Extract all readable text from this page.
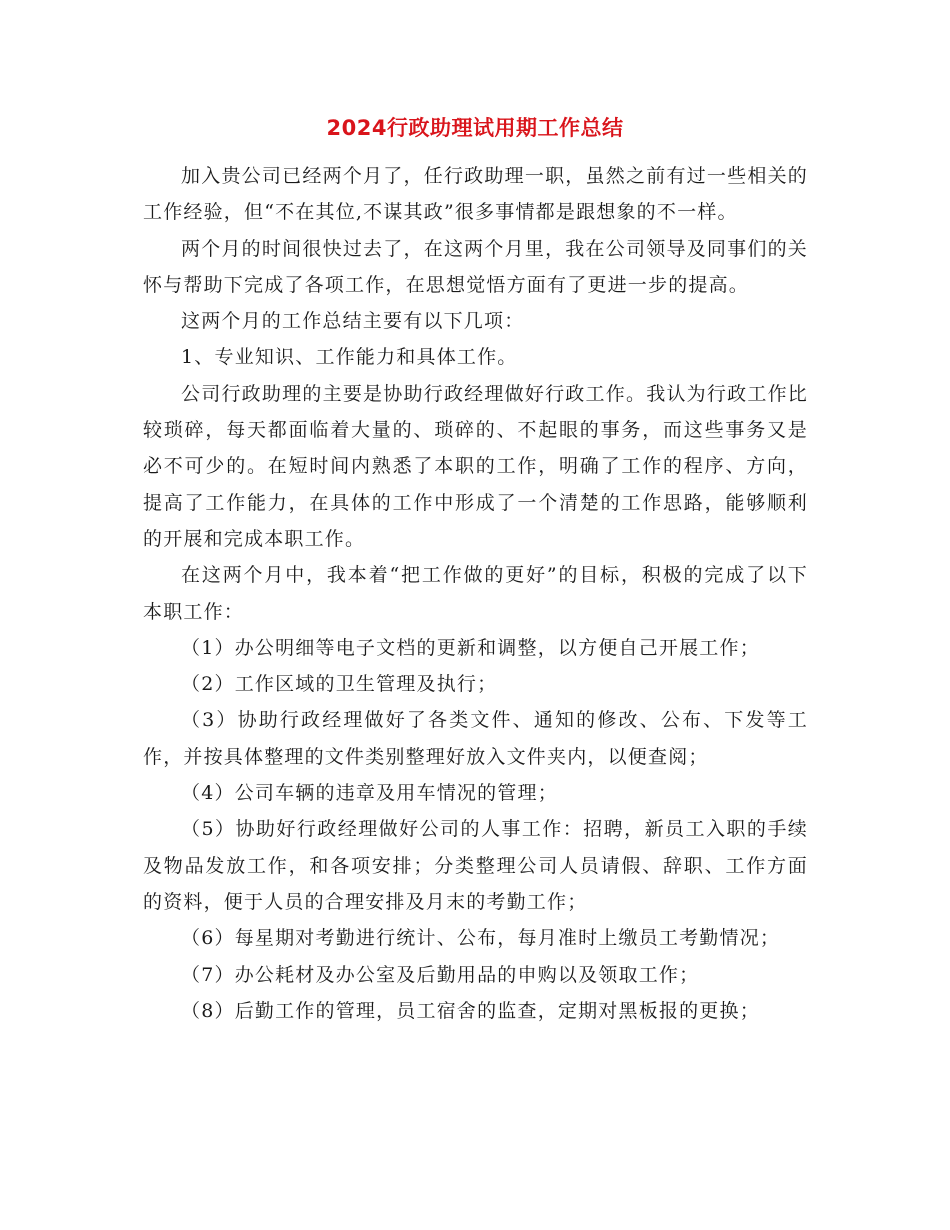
2024行政助理试用期工作总结

加入贵公司已经两个月了，任行政助理一职，虽然之前有过一些相关的工作经验，但“不在其位,不谋其政”很多事情都是跟想象的不一样。

两个月的时间很快过去了，在这两个月里，我在公司领导及同事们的关怀与帮助下完成了各项工作，在思想觉悟方面有了更进一步的提高。

这两个月的工作总结主要有以下几项：

1、专业知识、工作能力和具体工作。

公司行政助理的主要是协助行政经理做好行政工作。我认为行政工作比较琐碎，每天都面临着大量的、琐碎的、不起眼的事务，而这些事务又是必不可少的。在短时间内熟悉了本职的工作，明确了工作的程序、方向，提高了工作能力，在具体的工作中形成了一个清楚的工作思路，能够顺利的开展和完成本职工作。

在这两个月中，我本着“把工作做的更好”的目标，积极的完成了以下本职工作：

（1）办公明细等电子文档的更新和调整，以方便自己开展工作；

（2）工作区域的卫生管理及执行；

（3）协助行政经理做好了各类文件、通知的修改、公布、下发等工作，并按具体整理的文件类别整理好放入文件夹内，以便查阅；

（4）公司车辆的违章及用车情况的管理；

（5）协助好行政经理做好公司的人事工作：招聘，新员工入职的手续及物品发放工作，和各项安排；分类整理公司人员请假、辞职、工作方面的资料，便于人员的合理安排及月末的考勤工作；

（6）每星期对考勤进行统计、公布，每月准时上缴员工考勤情况；

（7）办公耗材及办公室及后勤用品的申购以及领取工作；

（8）后勤工作的管理，员工宿舍的监查，定期对黑板报的更换；
